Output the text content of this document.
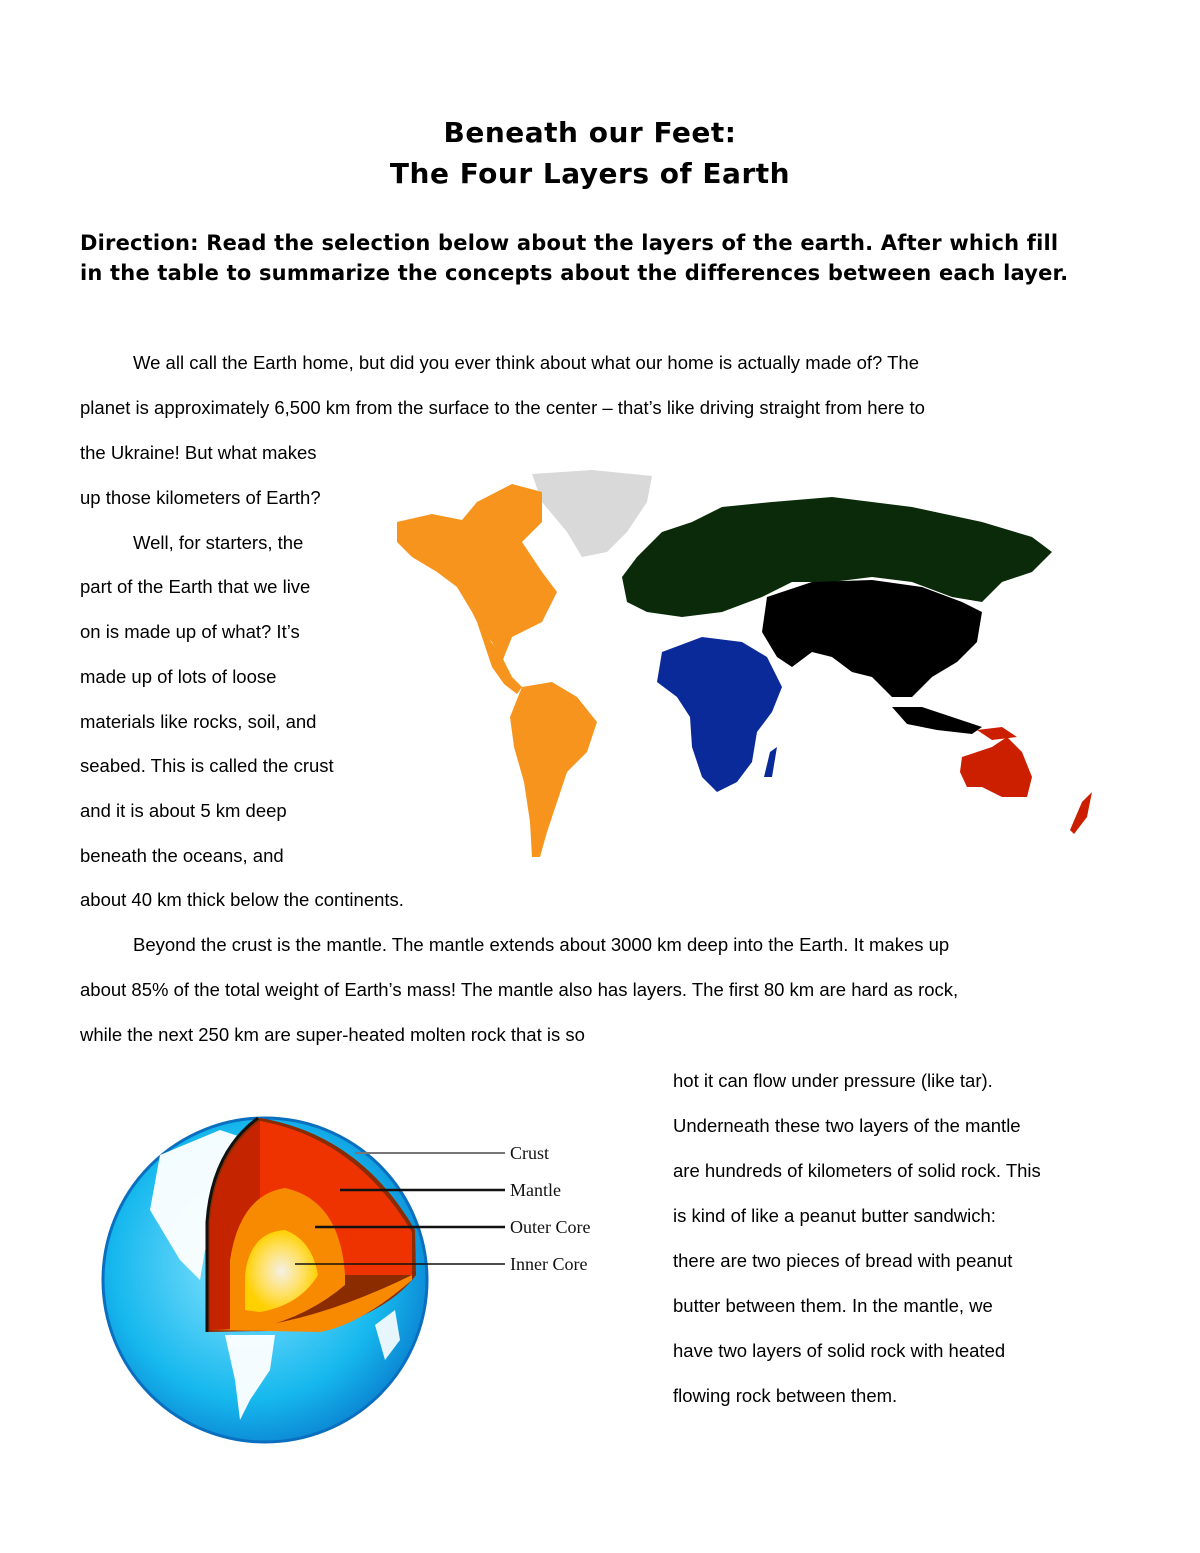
Beneath our Feet:
The Four Layers of Earth
Direction: Read the selection below about the layers of the earth. After which fill in the table to summarize the concepts about the differences between each layer.
We all call the Earth home, but did you ever think about what our home is actually made of? The
planet is approximately 6,500 km from the surface to the center – that’s like driving straight from here to
the Ukraine! But what makes
up those kilometers of Earth?
Well, for starters, the
part of the Earth that we live
on is made up of what? It’s
made up of lots of loose
materials like rocks, soil, and
seabed. This is called the crust
and it is about 5 km deep
beneath the oceans, and
about 40 km thick below the continents.
Beyond the crust is the mantle. The mantle extends about 3000 km deep into the Earth. It makes up
about 85% of the total weight of Earth’s mass! The mantle also has layers. The first 80 km are hard as rock,
while the next 250 km are super-heated molten rock that is so
hot it can flow under pressure (like tar).
Underneath these two layers of the mantle
are hundreds of kilometers of solid rock. This
is kind of like a peanut butter sandwich:
there are two pieces of bread with peanut
butter between them. In the mantle, we
have two layers of solid rock with heated
flowing rock between them.
Crust
Mantle
Outer Core
Inner Core
